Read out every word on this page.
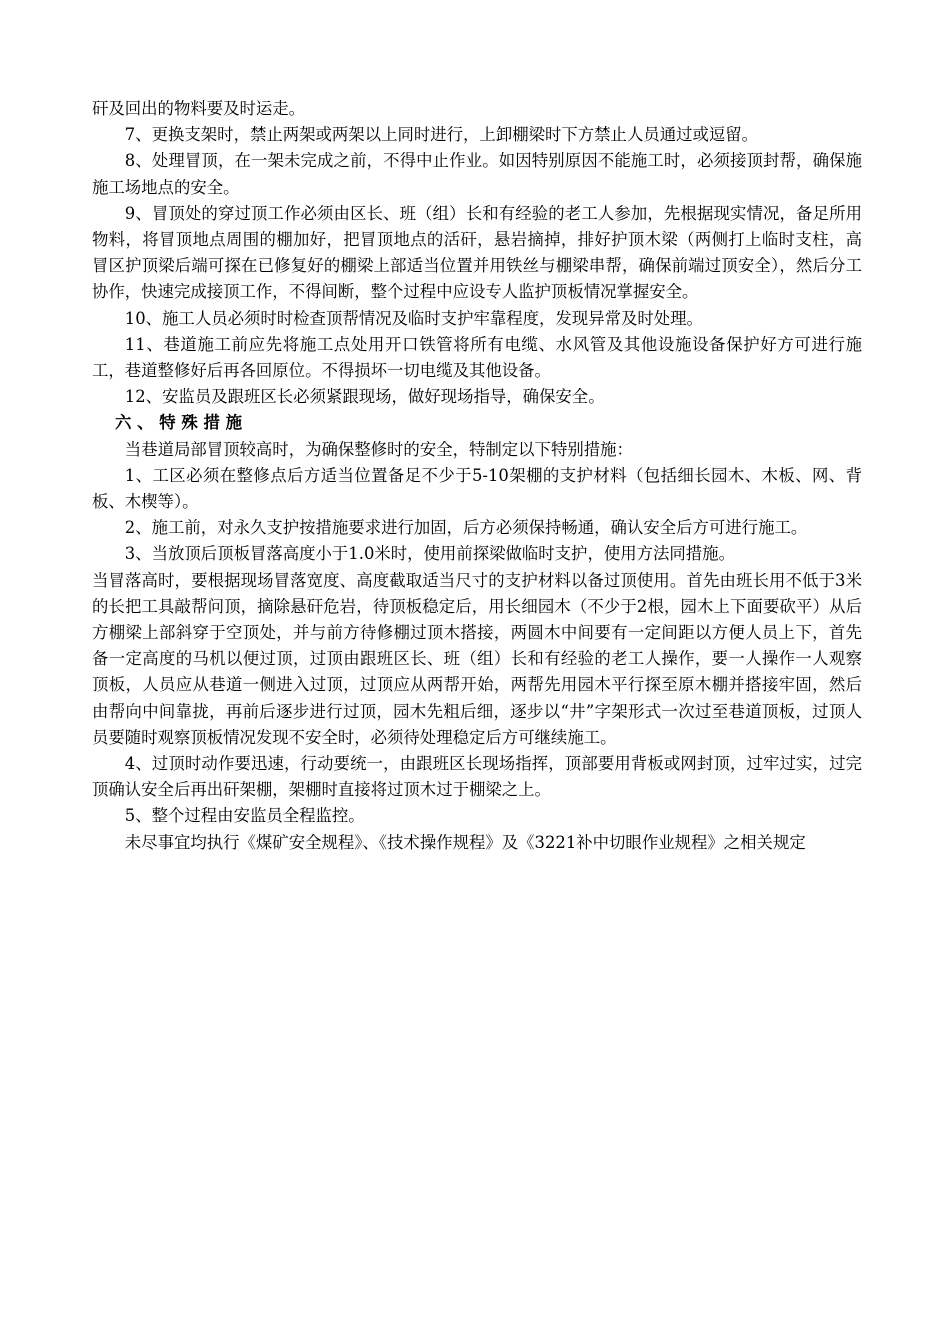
矸及回出的物料要及时运走。

7、更换支架时，禁止两架或两架以上同时进行，上卸棚梁时下方禁止人员通过或逗留。

8、处理冒顶，在一架未完成之前，不得中止作业。如因特别原因不能施工时，必须接顶封帮，确保施施工场地点的安全。

9、冒顶处的穿过顶工作必须由区长、班（组）长和有经验的老工人参加，先根据现实情况，备足所用物料，将冒顶地点周围的棚加好，把冒顶地点的活矸，悬岩摘掉，排好护顶木梁（两侧打上临时支柱，高冒区护顶梁后端可探在已修复好的棚梁上部适当位置并用铁丝与棚梁串帮，确保前端过顶安全），然后分工协作，快速完成接顶工作，不得间断，整个过程中应设专人监护顶板情况掌握安全。

10、施工人员必须时时检查顶帮情况及临时支护牢靠程度，发现异常及时处理。

11、巷道施工前应先将施工点处用开口铁管将所有电缆、水风管及其他设施设备保护好方可进行施工，巷道整修好后再各回原位。不得损坏一切电缆及其他设备。

12、安监员及跟班区长必须紧跟现场，做好现场指导，确保安全。

六、特殊措施

当巷道局部冒顶较高时，为确保整修时的安全，特制定以下特别措施：

1、工区必须在整修点后方适当位置备足不少于5-10架棚的支护材料（包括细长园木、木板、网、背板、木楔等）。

2、施工前，对永久支护按措施要求进行加固，后方必须保持畅通，确认安全后方可进行施工。

3、当放顶后顶板冒落高度小于1.0米时，使用前探梁做临时支护，使用方法同措施。

当冒落高时，要根据现场冒落宽度、高度截取适当尺寸的支护材料以备过顶使用。首先由班长用不低于3米的长把工具敲帮问顶，摘除悬矸危岩，待顶板稳定后，用长细园木（不少于2根，园木上下面要砍平）从后方棚梁上部斜穿于空顶处，并与前方待修棚过顶木搭接，两圆木中间要有一定间距以方便人员上下，首先备一定高度的马机以便过顶，过顶由跟班区长、班（组）长和有经验的老工人操作，要一人操作一人观察顶板，人员应从巷道一侧进入过顶，过顶应从两帮开始，两帮先用园木平行探至原木棚并搭接牢固，然后由帮向中间靠拢，再前后逐步进行过顶，园木先粗后细，逐步以“井”字架形式一次过至巷道顶板，过顶人员要随时观察顶板情况发现不安全时，必须待处理稳定后方可继续施工。

4、过顶时动作要迅速，行动要统一，由跟班区长现场指挥，顶部要用背板或网封顶，过牢过实，过完顶确认安全后再出矸架棚，架棚时直接将过顶木过于棚梁之上。

5、整个过程由安监员全程监控。

未尽事宜均执行《煤矿安全规程》、《技术操作规程》及《3221补中切眼作业规程》之相关规定
